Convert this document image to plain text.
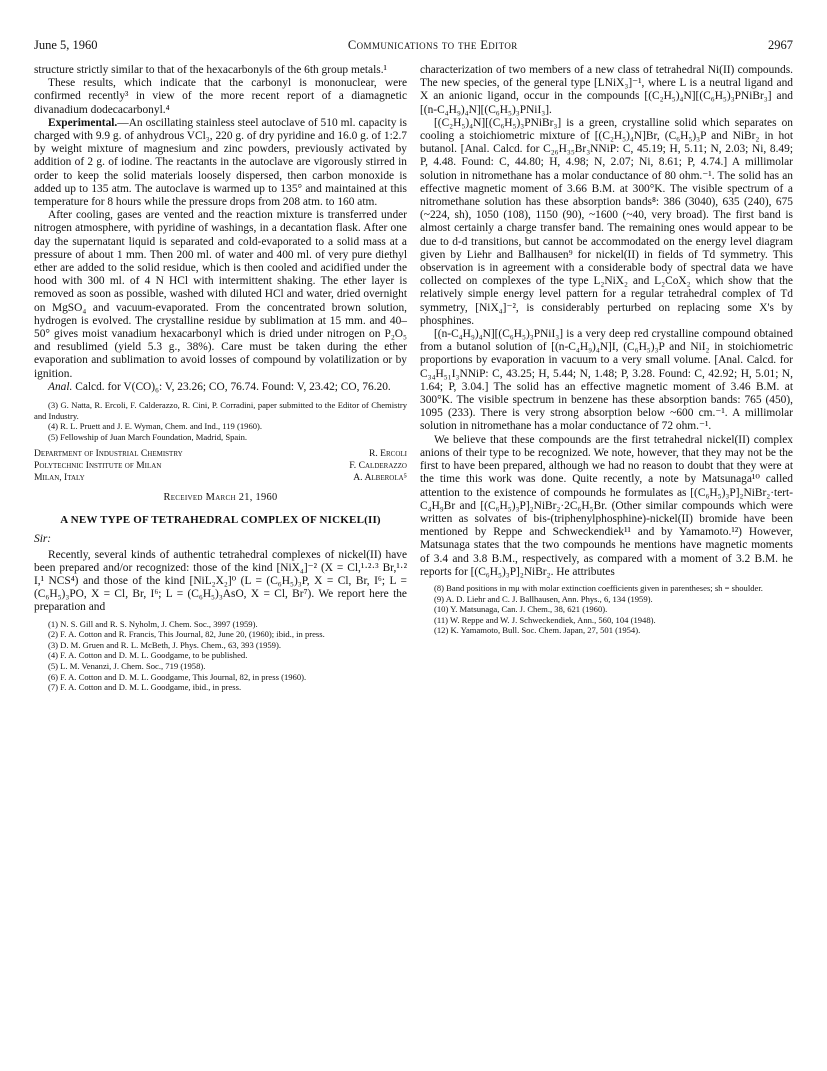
June 5, 1960	Communications to the Editor	2967

structure strictly similar to that of the hexacarbonyls of the 6th group metals.¹

These results, which indicate that the carbonyl is mononuclear, were confirmed recently³ in view of the more recent report of a diamagnetic divanadium dodecacarbonyl.⁴

Experimental.—An oscillating stainless steel autoclave of 510 ml. capacity is charged with 9.9 g. of anhydrous VCl₃, 220 g. of dry pyridine and 16.0 g. of 1:2.7 by weight mixture of magnesium and zinc powders, previously activated by addition of 2 g. of iodine. The reactants in the autoclave are vigorously stirred in order to keep the solid materials loosely dispersed, then carbon monoxide is added up to 135 atm. The autoclave is warmed up to 135° and maintained at this temperature for 8 hours while the pressure drops from 208 atm. to 160 atm.

After cooling, gases are vented and the reaction mixture is transferred under nitrogen atmosphere, with pyridine of washings, in a decantation flask. After one day the supernatant liquid is separated and cold-evaporated to a solid mass at a pressure of about 1 mm. Then 200 ml. of water and 400 ml. of very pure diethyl ether are added to the solid residue, which is then cooled and acidified under the hood with 300 ml. of 4 N HCl with intermittent shaking. The ether layer is removed as soon as possible, washed with diluted HCl and water, dried overnight on MgSO₄ and vacuum-evaporated. From the concentrated brown solution, hydrogen is evolved. The crystalline residue by sublimation at 15 mm. and 40–50° gives moist vanadium hexacarbonyl which is dried under nitrogen on P₂O₅ and resublimed (yield 5.3 g., 38%). Care must be taken during the ether evaporation and sublimation to avoid losses of compound by volatilization or by ignition.

Anal. Calcd. for V(CO)₆: V, 23.26; CO, 76.74. Found: V, 23.42; CO, 76.20.

(3) G. Natta, R. Ercoli, F. Calderazzo, R. Cini, P. Corradini, paper submitted to the Editor of Chemistry and Industry.

(4) R. L. Pruett and J. E. Wyman, Chem. and Ind., 119 (1960).

(5) Fellowship of Juan March Foundation, Madrid, Spain.

Department of Industrial Chemistry	R. Ercoli
Polytechnic Institute of Milan	F. Calderazzo
Milan, Italy	A. Alberola⁵
Received March 21, 1960
A NEW TYPE OF TETRAHEDRAL COMPLEX OF NICKEL(II)

Sir:

Recently, several kinds of authentic tetrahedral complexes of nickel(II) have been prepared and/or recognized: those of the kind [NiX₄]⁻² (X = Cl,¹·²·³ Br,¹·² I,¹ NCS⁴) and those of the kind [NiL₂X₂]⁰ (L = (C₆H₅)₃P, X = Cl, Br, I⁶; L = (C₆H₅)₃PO, X = Cl, Br, I⁶; L = (C₆H₅)₃AsO, X = Cl, Br⁷). We report here the preparation and

(1) N. S. Gill and R. S. Nyholm, J. Chem. Soc., 3997 (1959).

(2) F. A. Cotton and R. Francis, This Journal, 82, June 20, (1960); ibid., in press.

(3) D. M. Gruen and R. L. McBeth, J. Phys. Chem., 63, 393 (1959).

(4) F. A. Cotton and D. M. L. Goodgame, to be published.

(5) L. M. Venanzi, J. Chem. Soc., 719 (1958).

(6) F. A. Cotton and D. M. L. Goodgame, This Journal, 82, in press (1960).

(7) F. A. Cotton and D. M. L. Goodgame, ibid., in press.

characterization of two members of a new class of tetrahedral Ni(II) compounds. The new species, of the general type [LNiX₃]⁻¹, where L is a neutral ligand and X an anionic ligand, occur in the compounds [(C₂H₅)₄N][(C₆H₅)₃PNiBr₃] and [(n-C₄H₉)₄N][(C₆H₅)₃PNiI₃].

[(C₂H₅)₄N][(C₆H₅)₃PNiBr₃] is a green, crystalline solid which separates on cooling a stoichiometric mixture of [(C₂H₅)₄N]Br, (C₆H₅)₃P and NiBr₂ in hot butanol. [Anal. Calcd. for C₂₆H₃₅Br₃NNiP: C, 45.19; H, 5.11; N, 2.03; Ni, 8.49; P, 4.48. Found: C, 44.80; H, 4.98; N, 2.07; Ni, 8.61; P, 4.74.] A millimolar solution in nitromethane has a molar conductance of 80 ohm.⁻¹. The solid has an effective magnetic moment of 3.66 B.M. at 300°K. The visible spectrum of a nitromethane solution has these absorption bands⁸: 386 (3040), 635 (240), 675 (~224, sh), 1050 (108), 1150 (90), ~1600 (~40, very broad). The first band is almost certainly a charge transfer band. The remaining ones would appear to be due to d-d transitions, but cannot be accommodated on the energy level diagram given by Liehr and Ballhausen⁹ for nickel(II) in fields of Td symmetry. This observation is in agreement with a considerable body of spectral data we have collected on complexes of the type L₂NiX₂ and L₂CoX₂ which show that the relatively simple energy level pattern for a regular tetrahedral complex of Td symmetry, [NiX₄]⁻², is considerably perturbed on replacing some X's by phosphines.

[(n-C₄H₉)₄N][(C₆H₅)₃PNiI₃] is a very deep red crystalline compound obtained from a butanol solution of [(n-C₄H₉)₄N]I, (C₆H₅)₃P and NiI₂ in stoichiometric proportions by evaporation in vacuum to a very small volume. [Anal. Calcd. for C₃₄H₅₁I₃NNiP: C, 43.25; H, 5.44; N, 1.48; P, 3.28. Found: C, 42.92; H, 5.01; N, 1.64; P, 3.04.] The solid has an effective magnetic moment of 3.46 B.M. at 300°K. The visible spectrum in benzene has these absorption bands: 765 (450), 1095 (233). There is very strong absorption below ~600 cm.⁻¹. A millimolar solution in nitromethane has a molar conductance of 72 ohm.⁻¹.

We believe that these compounds are the first tetrahedral nickel(II) complex anions of their type to be recognized. We note, however, that they may not be the first to have been prepared, although we had no reason to doubt that they were at the time this work was done. Quite recently, a note by Matsunaga¹⁰ called attention to the existence of compounds he formulates as [(C₆H₅)₃P]₂NiBr₂·tert-C₄H₉Br and [(C₆H₅)₃P]₂NiBr₂·2C₆H₅Br. (Other similar compounds which were written as solvates of bis-(triphenylphosphine)-nickel(II) bromide have been mentioned by Reppe and Schweckendiek¹¹ and by Yamamoto.¹²) However, Matsunaga states that the two compounds he mentions have magnetic moments of 3.4 and 3.8 B.M., respectively, as compared with a moment of 3.2 B.M. he reports for [(C₆H₅)₃P]₂NiBr₂. He attributes

(8) Band positions in mμ with molar extinction coefficients given in parentheses; sh = shoulder.

(9) A. D. Liehr and C. J. Ballhausen, Ann. Phys., 6, 134 (1959).

(10) Y. Matsunaga, Can. J. Chem., 38, 621 (1960).

(11) W. Reppe and W. J. Schweckendiek, Ann., 560, 104 (1948).

(12) K. Yamamoto, Bull. Soc. Chem. Japan, 27, 501 (1954).
